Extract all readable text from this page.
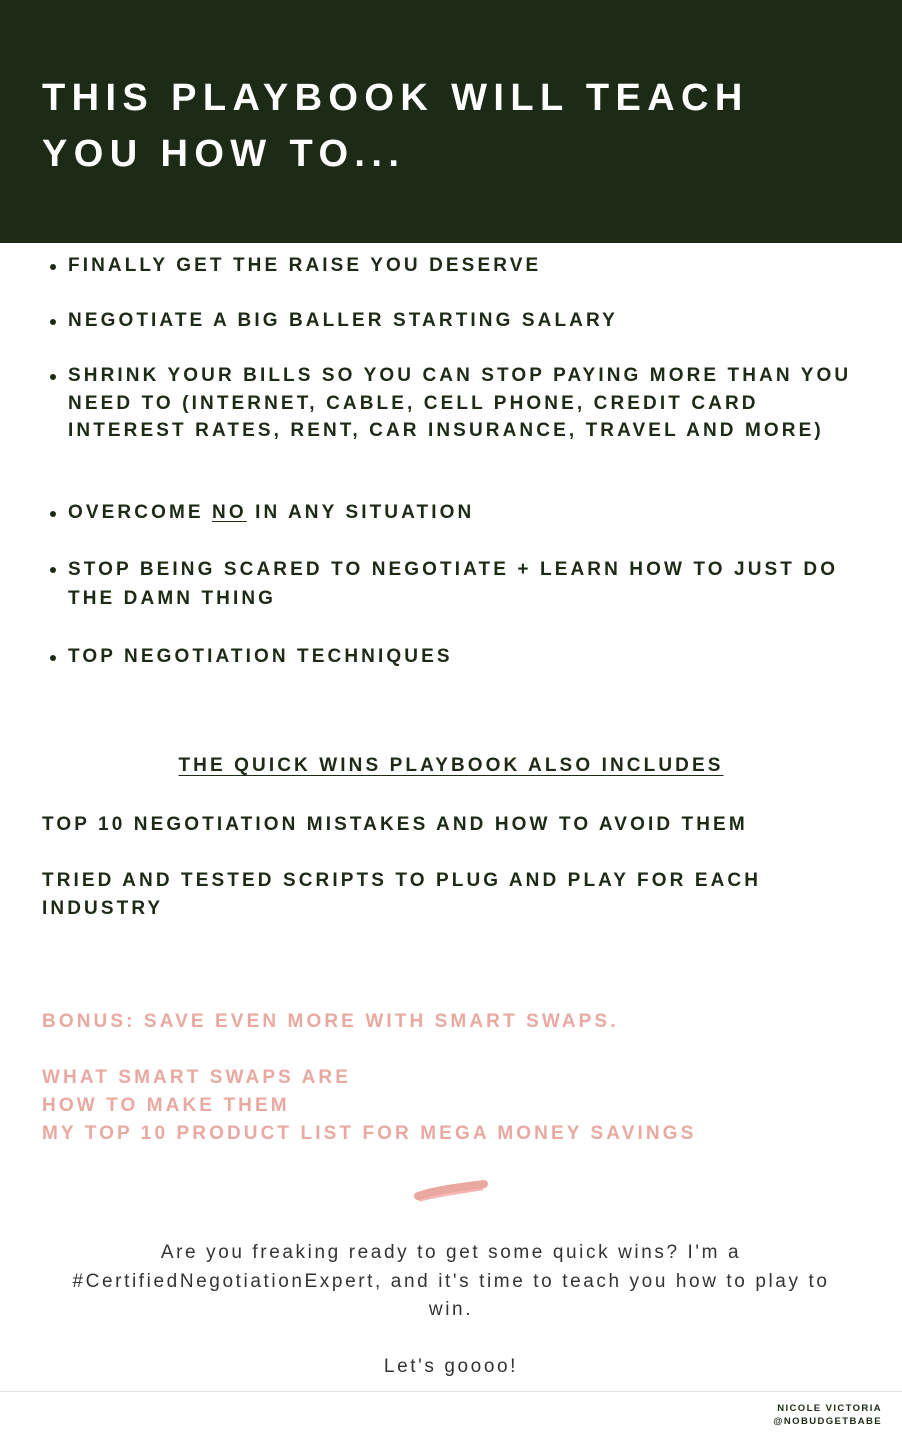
THIS PLAYBOOK WILL TEACH
YOU HOW TO...
FINALLY GET THE RAISE YOU DESERVE
NEGOTIATE A BIG BALLER STARTING SALARY
SHRINK YOUR BILLS SO YOU CAN STOP PAYING MORE THAN YOU NEED TO (INTERNET, CABLE, CELL PHONE, CREDIT CARD INTEREST RATES, RENT, CAR INSURANCE, TRAVEL AND MORE)
OVERCOME NO IN ANY SITUATION
STOP BEING SCARED TO NEGOTIATE + LEARN HOW TO JUST DO THE DAMN THING
TOP NEGOTIATION TECHNIQUES
THE QUICK WINS PLAYBOOK ALSO INCLUDES
TOP 10 NEGOTIATION MISTAKES AND HOW TO AVOID THEM
TRIED AND TESTED SCRIPTS TO PLUG AND PLAY FOR EACH INDUSTRY
BONUS: SAVE EVEN MORE WITH SMART SWAPS.
WHAT SMART SWAPS ARE
HOW TO MAKE THEM
MY TOP 10 PRODUCT LIST FOR MEGA MONEY SAVINGS

Are you freaking ready to get some quick wins? I'm a #CertifiedNegotiationExpert, and it's time to teach you how to play to win.

Let's goooo!

NICOLE VICTORIA
@NOBUDGETBABE
